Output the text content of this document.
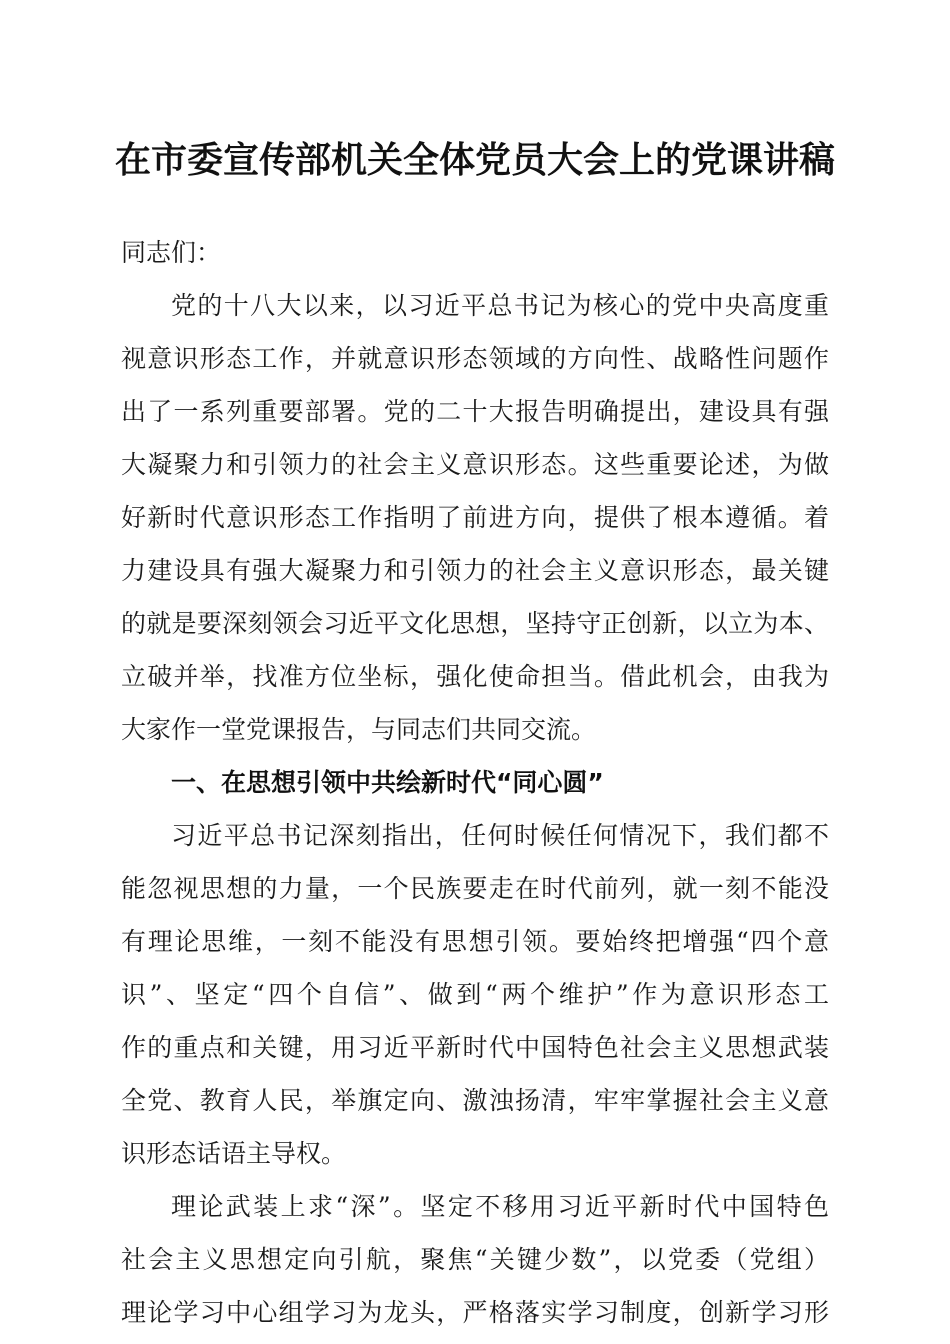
在市委宣传部机关全体党员大会上的党课讲稿
同志们：
党的十八大以来，以习近平总书记为核心的党中央高度重
视意识形态工作，并就意识形态领域的方向性、战略性问题作
出了一系列重要部署。党的二十大报告明确提出，建设具有强
大凝聚力和引领力的社会主义意识形态。这些重要论述，为做
好新时代意识形态工作指明了前进方向，提供了根本遵循。着
力建设具有强大凝聚力和引领力的社会主义意识形态，最关键
的就是要深刻领会习近平文化思想，坚持守正创新，以立为本、
立破并举，找准方位坐标，强化使命担当。借此机会，由我为
大家作一堂党课报告，与同志们共同交流。
一、在思想引领中共绘新时代“同心圆”
习近平总书记深刻指出，任何时候任何情况下，我们都不
能忽视思想的力量，一个民族要走在时代前列，就一刻不能没
有理论思维，一刻不能没有思想引领。要始终把增强“四个意
识”、坚定“四个自信”、做到“两个维护”作为意识形态工
作的重点和关键，用习近平新时代中国特色社会主义思想武装
全党、教育人民，举旗定向、激浊扬清，牢牢掌握社会主义意
识形态话语主导权。
理论武装上求“深”。坚定不移用习近平新时代中国特色
社会主义思想定向引航，聚焦“关键少数”，以党委（党组）
理论学习中心组学习为龙头，严格落实学习制度，创新学习形
